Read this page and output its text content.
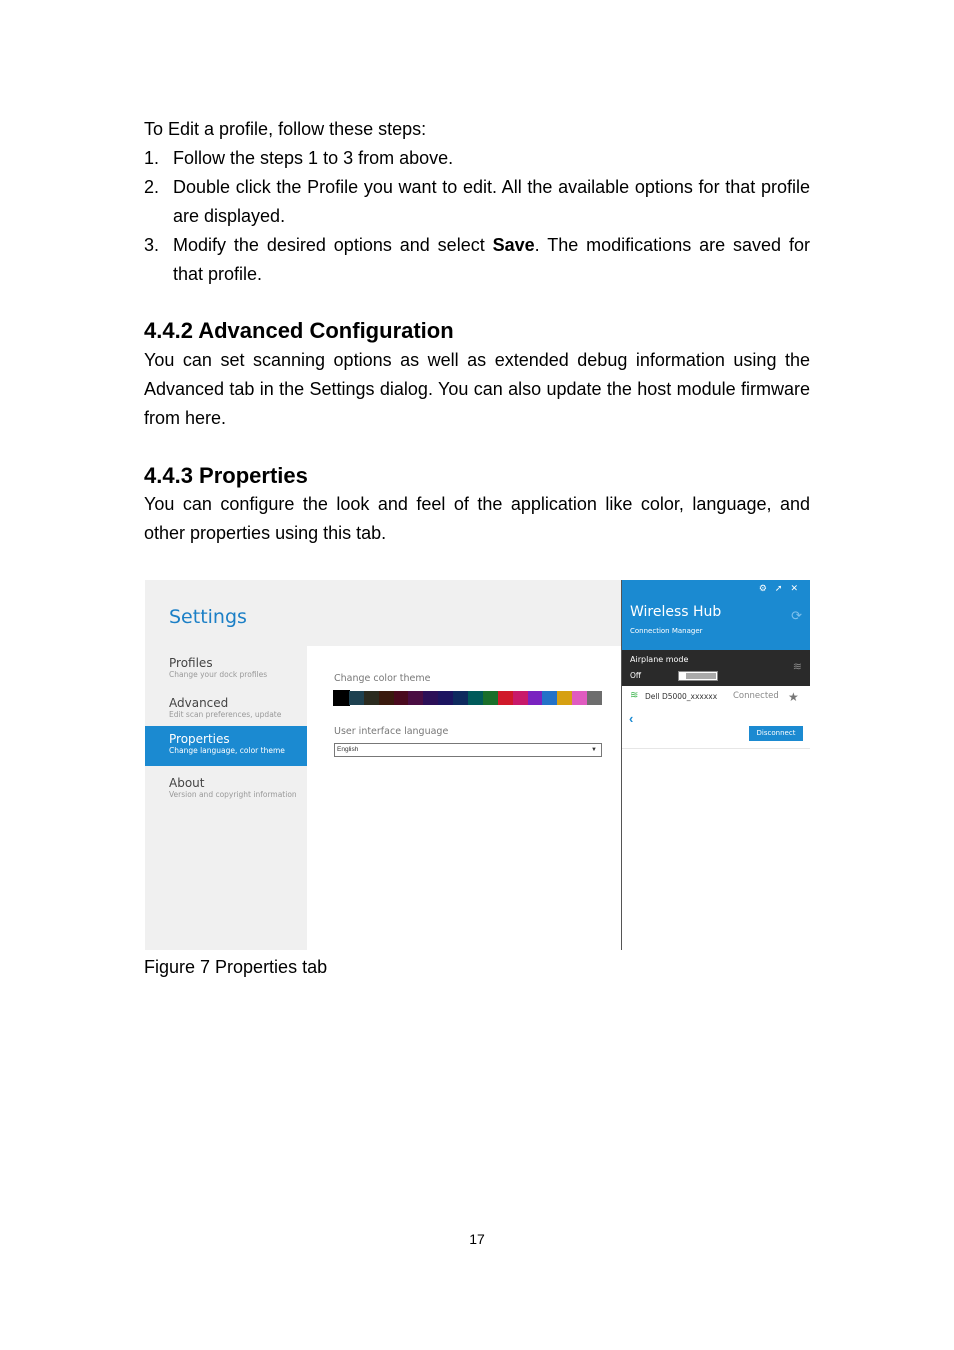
To Edit a profile, follow these steps:
1. Follow the steps 1 to 3 from above.
2. Double click the Profile you want to edit. All the available options for that profile are displayed.
3. Modify the desired options and select Save. The modifications are saved for that profile.
4.4.2 Advanced Configuration
You can set scanning options as well as extended debug information using the Advanced tab in the Settings dialog. You can also update the host module firmware from here.
4.4.3 Properties
You can configure the look and feel of the application like color, language, and other properties using this tab.
Settings
Profiles
Change your dock profiles
Advanced
Edit scan preferences, update
Properties
Change language, color theme
About
Version and copyright information
Change color theme
User interface language
English	▼
⚙➚✕
Wireless Hub
Connection Manager
⟳
Airplane mode
Off
≋
≋ Dell D5000_xxxxxx Connected ★
‹
Disconnect
Figure 7 Properties tab
17
